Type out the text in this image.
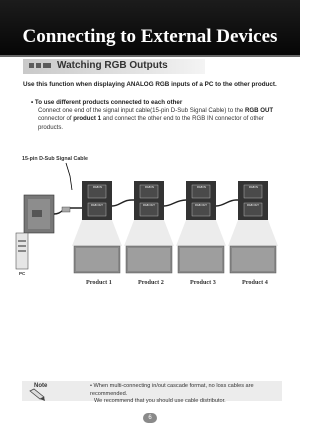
Connecting to External Devices
Watching RGB Outputs
Use this function when displaying ANALOG RGB inputs of a PC to the other product.
• To use different products connected to each other
Connect one end of the signal input cable(15-pin D-Sub Signal Cable) to the RGB OUT connector of product 1 and connect the other end to the RGB IN connector of other products.
15-pin D-Sub Signal Cable
PC
RGB IN
RGB OUT
Product 1
RGB IN
RGB OUT
Product 2
RGB IN
RGB OUT
Product 3
RGB IN
RGB OUT
Product 4
Note	• When multi-connecting in/out cascade format, no loss cables are recommended.
We recommend that you should use cable distributor.
6
